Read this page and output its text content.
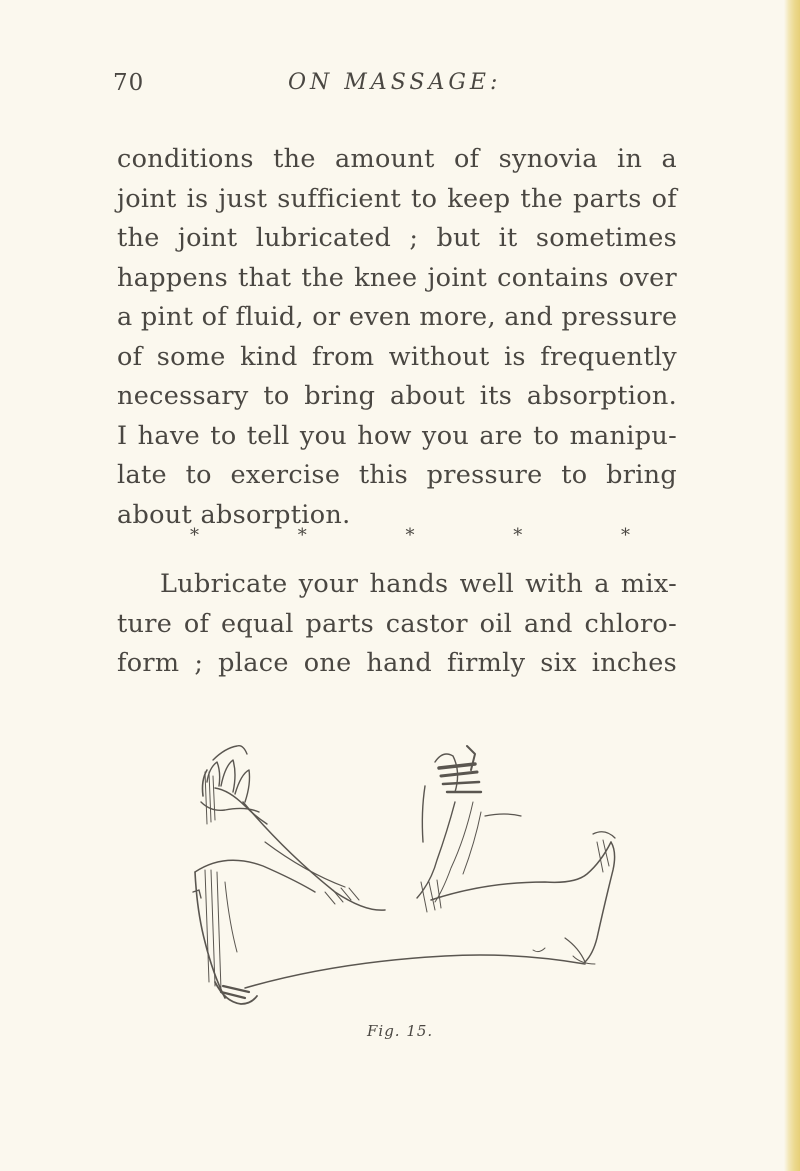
70	ON MASSAGE:
conditions the amount of synovia in a
joint is just sufficient to keep the parts of
the joint lubricated ; but it sometimes
happens that the knee joint contains over
a pint of fluid, or even more, and pressure
of some kind from without is frequently
necessary to bring about its absorption.
I have to tell you how you are to manipu-
late to exercise this pressure to bring
about absorption.
*	*	*	*	*
Lubricate your hands well with a mix-
ture of equal parts castor oil and chloro-
form ; place one hand firmly six inches
Fig. 15.
